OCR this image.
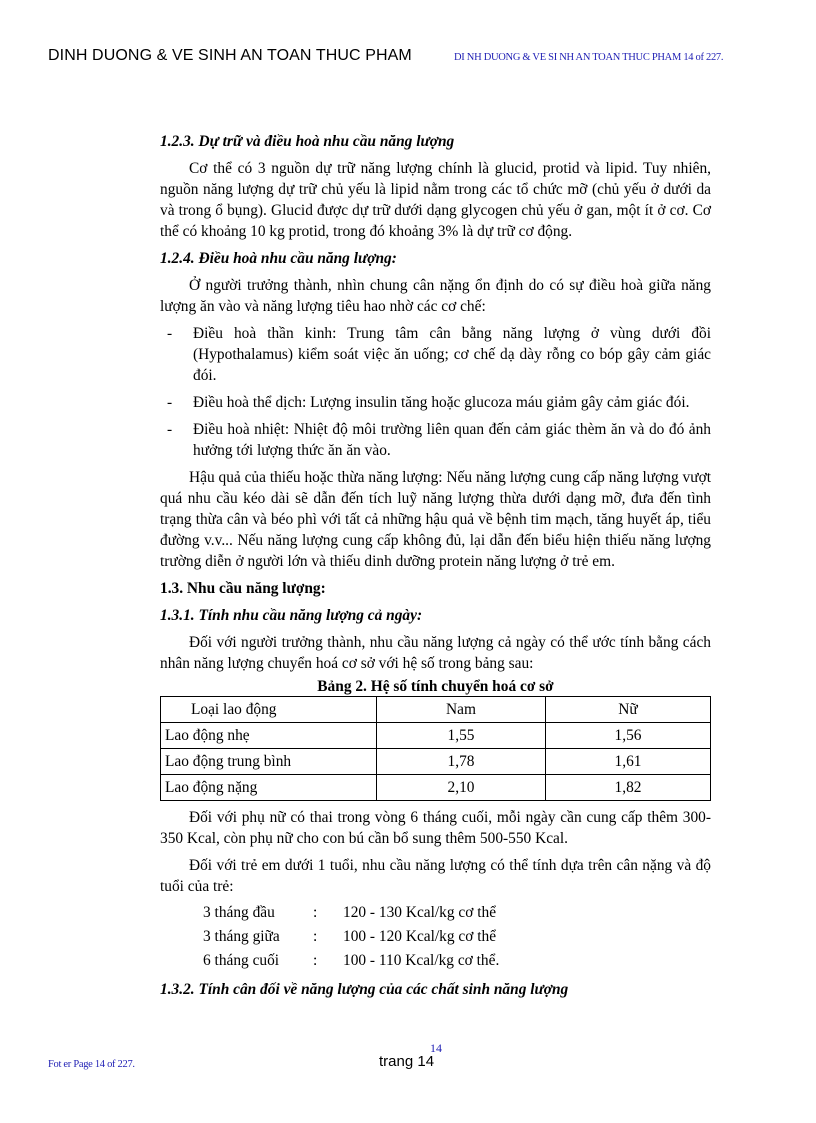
DINH DUONG & VE SINH AN TOAN THUC PHAM	DI NH DUONG & VE SI NH AN TOAN THUC PHAM 14 of 227.

1.2.3. Dự trữ và điều hoà nhu cầu năng lượng

Cơ thể có 3 nguồn dự trữ năng lượng chính là glucid, protid và lipid. Tuy nhiên, nguồn năng lượng dự trữ chủ yếu là lipid nằm trong các tổ chức mỡ (chủ yếu ở dưới da và trong ổ bụng). Glucid được dự trữ dưới dạng glycogen chủ yếu ở gan, một ít ở cơ. Cơ thể có khoảng 10 kg protid, trong đó khoảng 3% là dự trữ cơ động.

1.2.4. Điều hoà nhu cầu năng lượng:

Ở người trưởng thành, nhìn chung cân nặng ổn định do có sự điều hoà giữa năng lượng ăn vào và năng lượng tiêu hao nhờ các cơ chế:

- Điều hoà thần kinh: Trung tâm cân bằng năng lượng ở vùng dưới đồi (Hypothalamus) kiểm soát việc ăn uống; cơ chế dạ dày rỗng co bóp gây cảm giác đói.
- Điều hoà thể dịch: Lượng insulin tăng hoặc glucoza máu giảm gây cảm giác đói.
- Điều hoà nhiệt: Nhiệt độ môi trường liên quan đến cảm giác thèm ăn và do đó ảnh hưởng tới lượng thức ăn ăn vào.

Hậu quả của thiếu hoặc thừa năng lượng: Nếu năng lượng cung cấp năng lượng vượt quá nhu cầu kéo dài sẽ dẫn đến tích luỹ năng lượng thừa dưới dạng mỡ, đưa đến tình trạng thừa cân và béo phì với tất cả những hậu quả về bệnh tim mạch, tăng huyết áp, tiểu đường v.v... Nếu năng lượng cung cấp không đủ, lại dẫn đến biểu hiện thiếu năng lượng trường diễn ở người lớn và thiếu dinh dưỡng protein năng lượng ở trẻ em.

1.3. Nhu cầu năng lượng:

1.3.1. Tính nhu cầu năng lượng cả ngày:

Đối với người trưởng thành, nhu cầu năng lượng cả ngày có thể ước tính bằng cách nhân năng lượng chuyển hoá cơ sở với hệ số trong bảng sau:

Bảng 2. Hệ số tính chuyển hoá cơ sở
Loại lao động	Nam	Nữ
Lao động nhẹ	1,55	1,56
Lao động trung bình	1,78	1,61
Lao động nặng	2,10	1,82

Đối với phụ nữ có thai trong vòng 6 tháng cuối, mỗi ngày cần cung cấp thêm 300-350 Kcal, còn phụ nữ cho con bú cần bổ sung thêm 500-550 Kcal.

Đối với trẻ em dưới 1 tuổi, nhu cầu năng lượng có thể tính dựa trên cân nặng và độ tuổi của trẻ:

3 tháng đầu	:	120 - 130 Kcal/kg cơ thể
3 tháng giữa	:	100 - 120 Kcal/kg cơ thể
6 tháng cuối	:	100 - 110 Kcal/kg cơ thể.

1.3.2. Tính cân đối về năng lượng của các chất sinh năng lượng

14
trang 14
Fot er Page 14 of 227.
